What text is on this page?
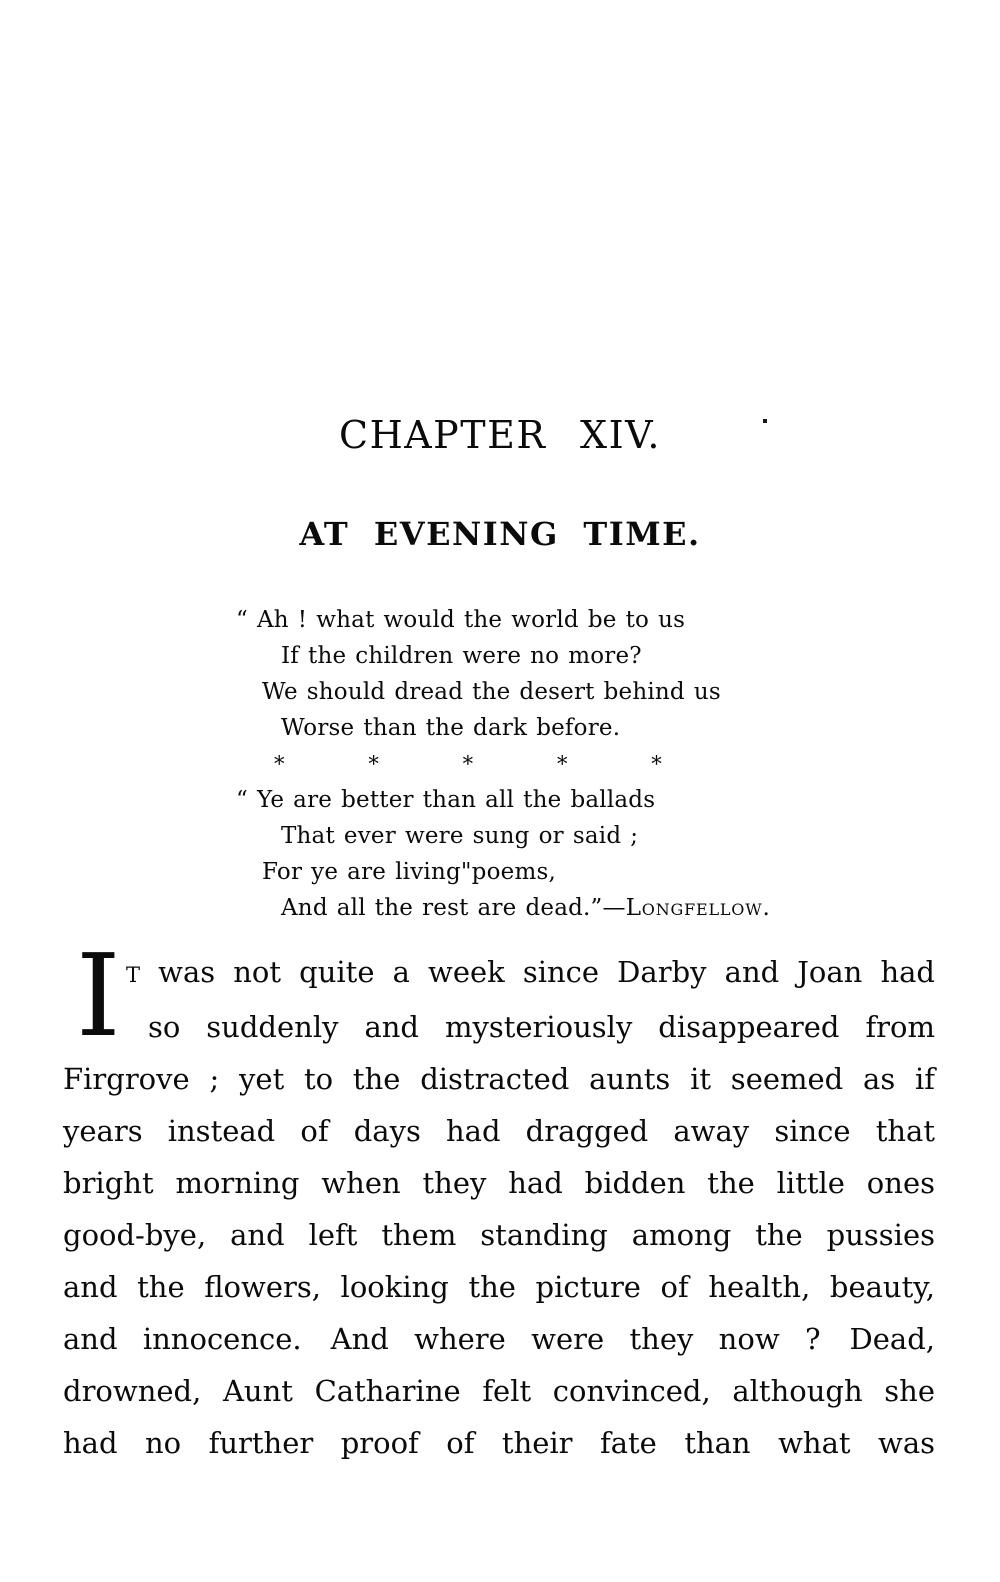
CHAPTER XIV.
AT EVENING TIME.
“ Ah ! what would the world be to us
If the children were no more?
We should dread the desert behind us
Worse than the dark before.
*	*	*	*	*
“ Ye are better than all the ballads
That ever were sung or said ;
For ye are living"poems,
And all the rest are dead.”—Longfellow.
I T was not quite a week since Darby and Joan had
so suddenly and mysteriously disappeared from
Firgrove ; yet to the distracted aunts it seemed as if
years instead of days had dragged away since that
bright morning when they had bidden the little ones
good-bye, and left them standing among the pussies
and the flowers, looking the picture of health, beauty,
and innocence. And where were they now ? Dead,
drowned, Aunt Catharine felt convinced, although she
had no further proof of their fate than what was
